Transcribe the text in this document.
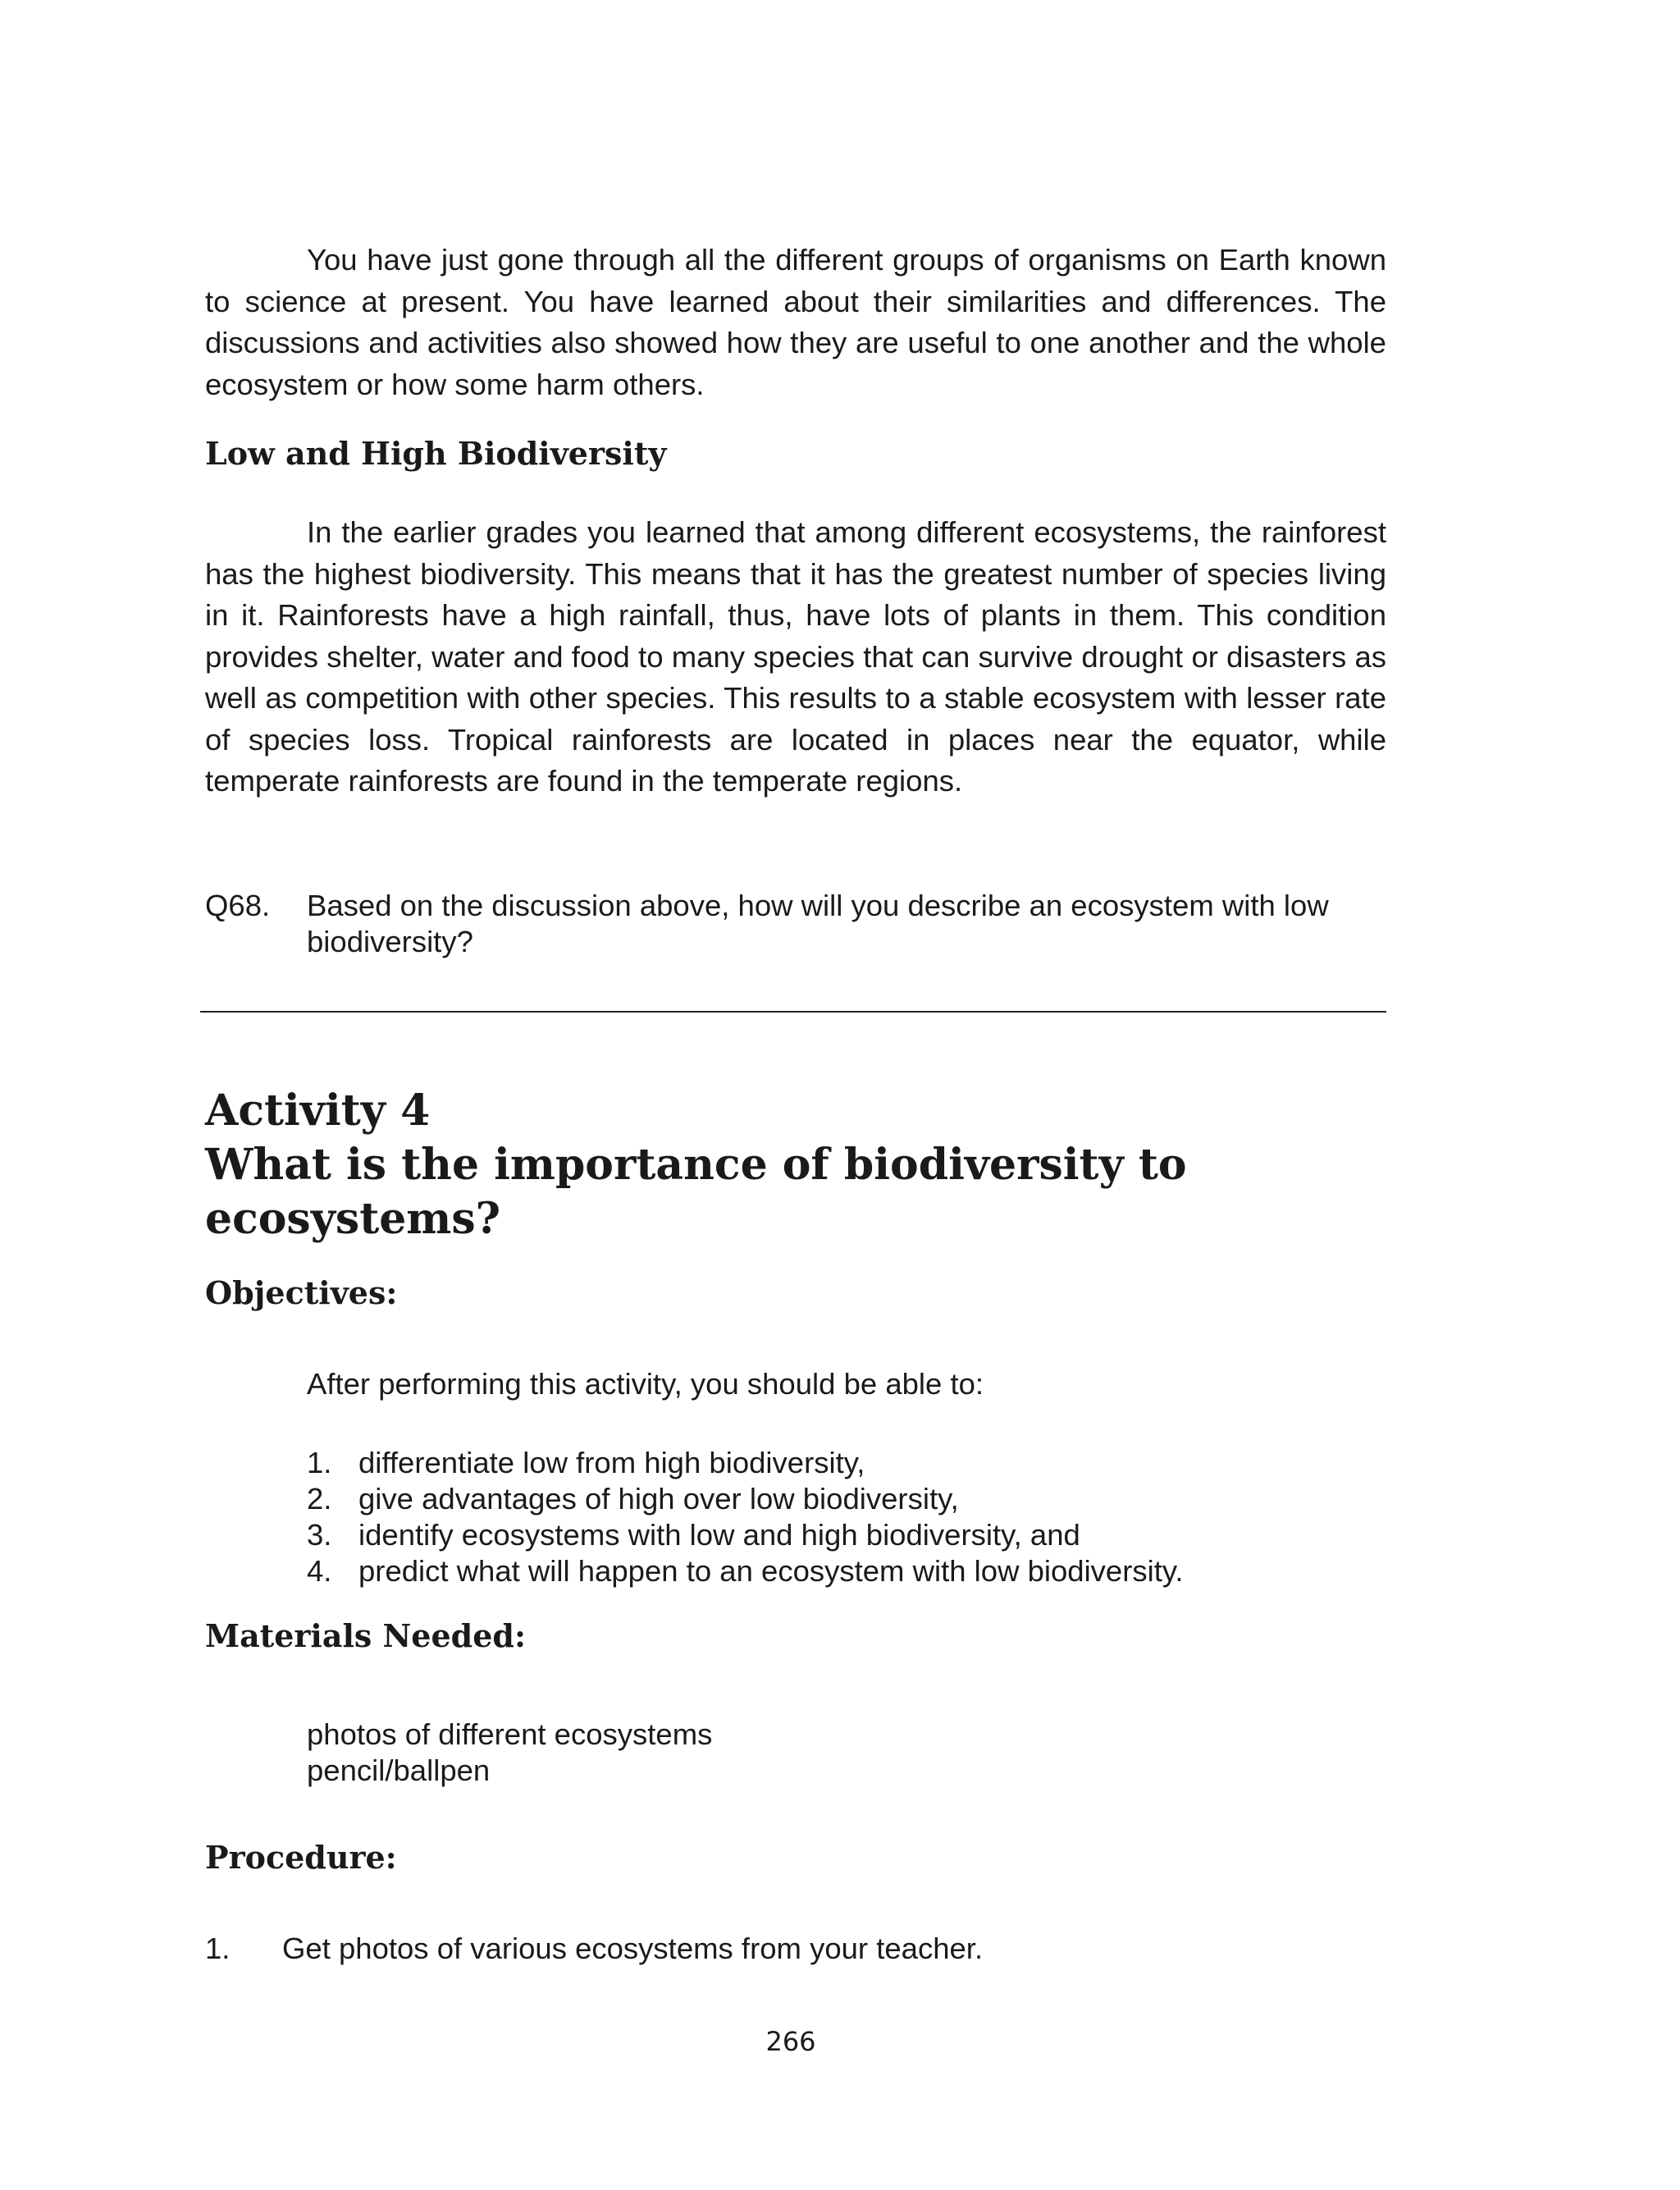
You have just gone through all the different groups of organisms on Earth known to science at present. You have learned about their similarities and differences. The discussions and activities also showed how they are useful to one another and the whole ecosystem or how some harm others.

Low and High Biodiversity

In the earlier grades you learned that among different ecosystems, the rainforest has the highest biodiversity. This means that it has the greatest number of species living in it. Rainforests have a high rainfall, thus, have lots of plants in them. This condition provides shelter, water and food to many species that can survive drought or disasters as well as competition with other species. This results to a stable ecosystem with lesser rate of species loss. Tropical rainforests are located in places near the equator, while temperate rainforests are found in the temperate regions.

Q68. Based on the discussion above, how will you describe an ecosystem with low biodiversity?
Activity 4
What is the importance of biodiversity to
ecosystems?
Objectives:

After performing this activity, you should be able to:

1. differentiate low from high biodiversity,
2. give advantages of high over low biodiversity,
3. identify ecosystems with low and high biodiversity, and
4. predict what will happen to an ecosystem with low biodiversity.
Materials Needed:
photos of different ecosystems
pencil/ballpen
Procedure:
1. Get photos of various ecosystems from your teacher.
266
